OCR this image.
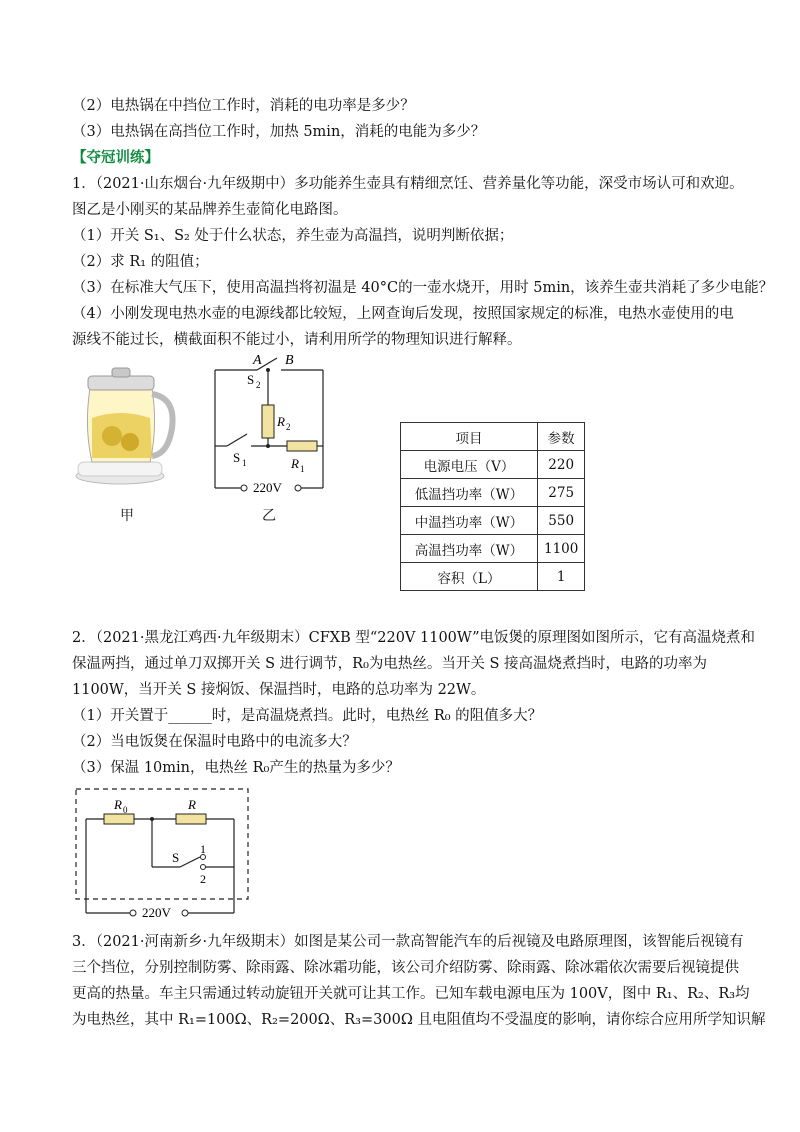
（2）电热锅在中挡位工作时，消耗的电功率是多少？
（3）电热锅在高挡位工作时，加热 5min，消耗的电能为多少？
【夺冠训练】
1．（2021·山东烟台·九年级期中）多功能养生壶具有精细烹饪、营养量化等功能，深受市场认可和欢迎。
图乙是小刚买的某品牌养生壶简化电路图。
（1）开关 S₁、S₂ 处于什么状态，养生壶为高温挡，说明判断依据；
（2）求 R₁ 的阻值；
（3）在标准大气压下，使用高温挡将初温是 40°C的一壶水烧开，用时 5min，该养生壶共消耗了多少电能？
（4）小刚发现电热水壶的电源线都比较短，上网查询后发现，按照国家规定的标准，电热水壶使用的电
源线不能过长，横截面积不能过小，请利用所学的物理知识进行解释。
甲
A B
S 2
R 2
S 1	R 1
220V
乙
项目	参数
电源电压（V）	220
低温挡功率（W）	275
中温挡功率（W）	550
高温挡功率（W）	1100
容积（L）	1
2．（2021·黑龙江鸡西·九年级期末）CFXB 型“220V 1100W”电饭煲的原理图如图所示，它有高温烧煮和
保温两挡，通过单刀双掷开关 S 进行调节，R₀为电热丝。当开关 S 接高温烧煮挡时，电路的功率为
1100W，当开关 S 接焖饭、保温挡时，电路的总功率为 22W。
（1）开关置于______时，是高温烧煮挡。此时，电热丝 R₀ 的阻值多大？
（2）当电饭煲在保温时电路中的电流多大？
（3）保温 10min，电热丝 R₀产生的热量为多少？
R 0	R
S
1
2
220V
3．（2021·河南新乡·九年级期末）如图是某公司一款高智能汽车的后视镜及电路原理图，该智能后视镜有
三个挡位，分别控制防雾、除雨露、除冰霜功能，该公司介绍防雾、除雨露、除冰霜依次需要后视镜提供
更高的热量。车主只需通过转动旋钮开关就可让其工作。已知车载电源电压为 100V，图中 R₁、R₂、R₃均
为电热丝，其中 R₁=100Ω、R₂=200Ω、R₃=300Ω 且电阻值均不受温度的影响，请你综合应用所学知识解
